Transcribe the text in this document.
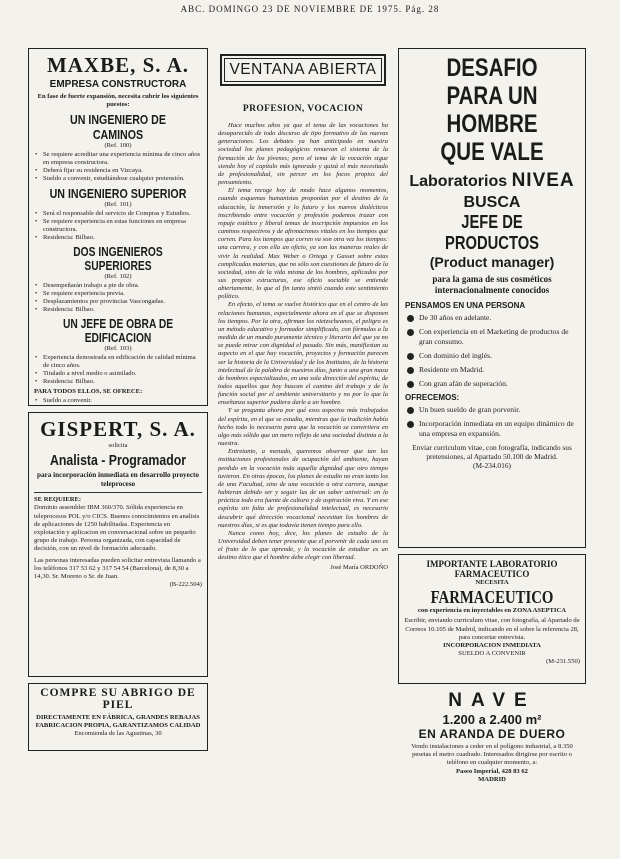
ABC. DOMINGO 23 DE NOVIEMBRE DE 1975. Pág. 28
MAXBE, S. A.
EMPRESA CONSTRUCTORA

En fase de fuerte expansión, necesita cubrir los siguientes puestos:

UN INGENIERO DE CAMINOS
(Ref. 100)

• Se requiere acreditar una experiencia mínima de cinco años en empresa constructora.

• Deberá fijar su residencia en Vizcaya.

• Sueldo a convenir, estudiándose cualquier pretensión.

UN INGENIERO SUPERIOR
(Ref. 101)

• Será el responsable del servicio de Compras y Estudios.

• Se requiere experiencia en estas funciones en empresa constructora.

• Residencia: Bilbao.

DOS INGENIEROS SUPERIORES
(Ref. 102)

• Desempeñarán trabajo a pie de obra.

• Se requiere experiencia previa.

• Desplazamientos por provincias Vascongadas.

• Residencia: Bilbao.

UN JEFE DE OBRA DE EDIFICACION
(Ref. 103)

• Experiencia demostrada en edificación de calidad mínima de cinco años.

• Titulado a nivel medio o asimilado.

• Residencia: Bilbao.

PARA TODOS ELLOS, SE OFRECE:

• Sueldo a convenir.

•

GISPERT, S. A.
solicita
Analista - Programador

para incorporación inmediata en desarrollo proyecto teleproceso

SE REQUIERE:

Dominio assembler IBM 360/370. Sólida experiencia en teleprocesos POL y/o CICS. Buenos conocimientos en analisis de aplicaciones de 1250 habilitadas. Experiencia en explotación y aplicacion en conversacional sobre un pequeño grupo de trabajo. Persona organizada, con capacidad de decisión, con un nivel de formación adecuado.

Las personas interesadas pueden solicitar entrevista llamando a los teléfonos 317 53 62 y 317 54 54 (Barcelona), de 8,30 a 14,30. Sr. Moreno o Sr. de Juan.

(B-222.504)

COMPRE SU ABRIGO DE PIEL

DIRECTAMENTE EN FÁBRICA, GRANDES REBAJAS

FABRICACION PROPIA, GARANTIZAMOS CALIDAD

Encomienda de las Agustinas, 30

VENTANA ABIERTA
PROFESION, VOCACION

Hace muchos años ya que el tema de las vocaciones ha desaparecido de todo discurso de tipo formativo de las nuevas generaciones. Los debates ya han anticipado en nuestra sociedad los planes pedagógicos renuevan el sistema de la formación de los jóvenes; pero el tema de la vocación sigue siendo hoy el capítulo más ignorado y quizá el más necesitado de profesionalidad, sin percer en los focos propios del pensamiento.

El tema recoge hoy de modo hace algunos momentos, cuando esquemas humanistas proponían por el destino de la educación, la inmersión y lo futuro y los nuevos dialécticos inscribiendo entre vocación y profesión podemos trazar con ropaje estético y liberal temas de inscripción impuestos en los caminos respectivos y de afirmaciones vitales en los tiempos que corren. Para los tiempos que corren va son otra vez los tiempos: una carrera, y con ella un oficio, ya son las maneras reales de vivir la realidad. Max Weber o Ortega y Gasset sobre estas complicadas materias, que no sólo son cuestiones de futuro de la sociedad, sino de la vida misma de los hombres, aplicados por sus propias estructuras, ese oficio sociable se entiende abiertamente, lo que al fin tanto sintió cuando este sentimiento político.

En efecto, el tema se vuelve histórico que en el centro de las relaciones humanas, especialmente ahora en el que se disponen los tiempos. Por la otra, afirman los nietzscheanos, el peligro es un método educativo y formador simplificado, con fórmulas a la medida de un mundo puramente técnico y literario del que ya no se puede mirar con dignidad el pasado. Sin más, manifiestan su aspecto en el que hay vocación, proyectos y formación parecen ser la historia de la Universidad y de los Institutos, de la historia intelectual de la palabra de nuestros días, junto a una gran masa de hombres especializados, en una sola dirección del espíritu; de todos aquellos que hoy buscan el camino del trabajo y de la función social por el ambiente universitario y no por lo que la enseñanza superior pudiera darle a un hombre.

Y se pregunta ahora por qué esos aspectos más trabajados del espíritu, en el que se estudia, mientras que la tradición había hecho todo lo necesario para que la vocación se convirtiera en algo más sólido que un mero reflejo de una sociedad distinta a la nuestra.

Entretanto, a menudo, queremos observar que tan las instituciones profesionales de ocupación del ambiente, hayan perdido en la vocación toda aquella dignidad que otro tiempo tuvieron. En otras épocas, los planes de estudio no eran tanto los de una Facultad, sino de una vocación a otra carrera, aunque hubieran debido ser y seguir las de un saber universal: en la práctica todo era fuente de cultura y de aspiración viva. Y en ese espíritu sin falta de profesionalidad intelectual, es necesario descubrir qué dirección vocacional necesitan los hombres de nuestros días, si es que todavía tienen tiempo para ello.

Nunca como hoy, dice, los planes de estudio de la Universidad deben tener presente que el porvenir de cada uno es el fruto de lo que aprende, y la vocación de estudiar es un destino ético que el hombre debe elegir con libertad.

José María ORDOÑO

DESAFIO
PARA UN HOMBRE
QUE VALE
Laboratorios NIVEA
BUSCA
JEFE DE PRODUCTOS
(Product manager)

para la gama de sus cosméticos internacionalmente conocidos

PENSAMOS EN UNA PERSONA

De 30 años en adelante.

Con experiencia en el Marketing de productos de gran consumo.

Con dominio del inglés.

Residente en Madrid.

Con gran afán de superación.

OFRECEMOS:

Un buen sueldo de gran porvenir.

Incorporación inmediata en un equipo dinámico de una empresa en expansión.

Enviar curriculum vitae, con fotografía, indicando sus pretensiones, al Apartado 50.100 de Madrid.

(M-234.016)

IMPORTANTE LABORATORIO FARMACEUTICO

NECESITA

FARMACEUTICO

con experiencia en inyectables en ZONA ASEPTICA

Escribir, enviando curriculum vitae, con fotografía, al Apartado de Correos 10.105 de Madrid, indicando en el sobre la referencia 28, para concertar entrevista.

INCORPORACION INMEDIATA

SUELDO A CONVENIR

(M-231.550)

NAVE
1.200 a 2.400 m²
EN ARANDA DE DUERO

Vendo instalaciones a ceder en el polígono industrial, a 8.350 pesetas el metro cuadrado. Interesados dirigirse por escrito o teléfono en cualquier momento, a:

Paseo Imperial, 428 83 62

MADRID
